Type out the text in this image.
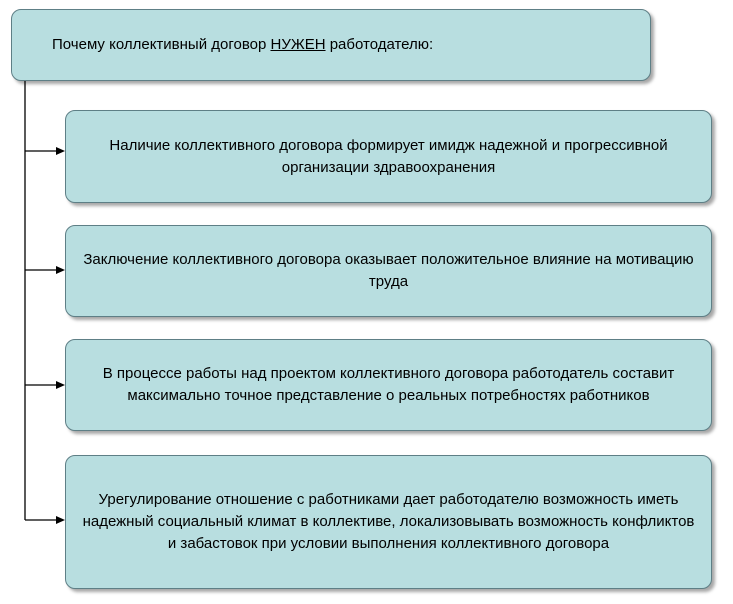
Почему коллективный договор НУЖЕН работодателю:
Наличие коллективного договора формирует имидж надежной и прогрессивной организации здравоохранения
Заключение коллективного договора оказывает положительное влияние на мотивацию труда
В процессе работы над проектом коллективного договора работодатель составит максимально точное представление о реальных потребностях работников
Урегулирование отношение с работниками дает работодателю возможность иметь надежный социальный климат в коллективе, локализовывать возможность конфликтов и забастовок при условии выполнения коллективного договора
